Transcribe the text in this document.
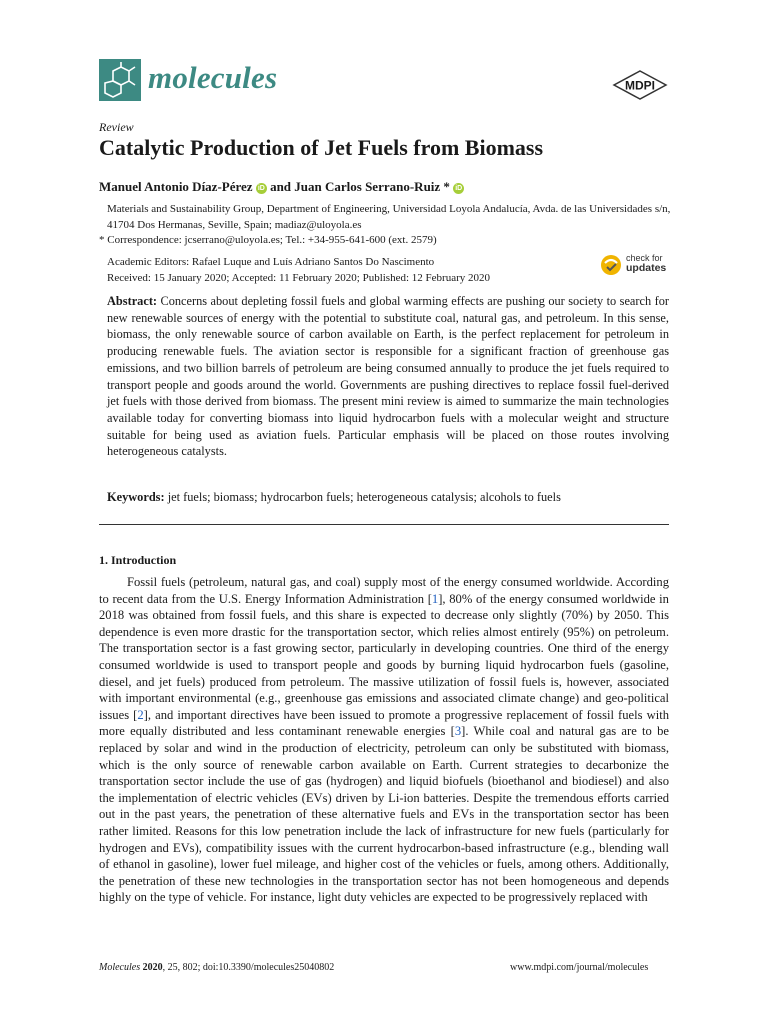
molecules	MDPI
Review
Catalytic Production of Jet Fuels from Biomass
Manuel Antonio Díaz-Pérez iD and Juan Carlos Serrano-Ruiz * iD
Materials and Sustainability Group, Department of Engineering, Universidad Loyola Andalucía, Avda. de las Universidades s/n, 41704 Dos Hermanas, Seville, Spain; madiaz@uloyola.es
* Correspondence: jcserrano@uloyola.es; Tel.: +34-955-641-600 (ext. 2579)
Academic Editors: Rafael Luque and Luís Adriano Santos Do Nascimento
Received: 15 January 2020; Accepted: 11 February 2020; Published: 12 February 2020
check for
updates
Abstract: Concerns about depleting fossil fuels and global warming effects are pushing our society to search for new renewable sources of energy with the potential to substitute coal, natural gas, and petroleum. In this sense, biomass, the only renewable source of carbon available on Earth, is the perfect replacement for petroleum in producing renewable fuels. The aviation sector is responsible for a significant fraction of greenhouse gas emissions, and two billion barrels of petroleum are being consumed annually to produce the jet fuels required to transport people and goods around the world. Governments are pushing directives to replace fossil fuel-derived jet fuels with those derived from biomass. The present mini review is aimed to summarize the main technologies available today for converting biomass into liquid hydrocarbon fuels with a molecular weight and structure suitable for being used as aviation fuels. Particular emphasis will be placed on those routes involving heterogeneous catalysts.
Keywords: jet fuels; biomass; hydrocarbon fuels; heterogeneous catalysis; alcohols to fuels
1. Introduction

Fossil fuels (petroleum, natural gas, and coal) supply most of the energy consumed worldwide. According to recent data from the U.S. Energy Information Administration [1], 80% of the energy consumed worldwide in 2018 was obtained from fossil fuels, and this share is expected to decrease only slightly (70%) by 2050. This dependence is even more drastic for the transportation sector, which relies almost entirely (95%) on petroleum. The transportation sector is a fast growing sector, particularly in developing countries. One third of the energy consumed worldwide is used to transport people and goods by burning liquid hydrocarbon fuels (gasoline, diesel, and jet fuels) produced from petroleum. The massive utilization of fossil fuels is, however, associated with important environmental (e.g., greenhouse gas emissions and associated climate change) and geo-political issues [2], and important directives have been issued to promote a progressive replacement of fossil fuels with more equally distributed and less contaminant renewable energies [3]. While coal and natural gas are to be replaced by solar and wind in the production of electricity, petroleum can only be substituted with biomass, which is the only source of renewable carbon available on Earth. Current strategies to decarbonize the transportation sector include the use of gas (hydrogen) and liquid biofuels (bioethanol and biodiesel) and also the implementation of electric vehicles (EVs) driven by Li-ion batteries. Despite the tremendous efforts carried out in the past years, the penetration of these alternative fuels and EVs in the transportation sector has been rather limited. Reasons for this low penetration include the lack of infrastructure for new fuels (particularly for hydrogen and EVs), compatibility issues with the current hydrocarbon-based infrastructure (e.g., blending wall of ethanol in gasoline), lower fuel mileage, and higher cost of the vehicles or fuels, among others. Additionally, the penetration of these new technologies in the transportation sector has not been homogeneous and depends highly on the type of vehicle. For instance, light duty vehicles are expected to be progressively replaced with

Molecules 2020, 25, 802; doi:10.3390/molecules25040802	www.mdpi.com/journal/molecules
